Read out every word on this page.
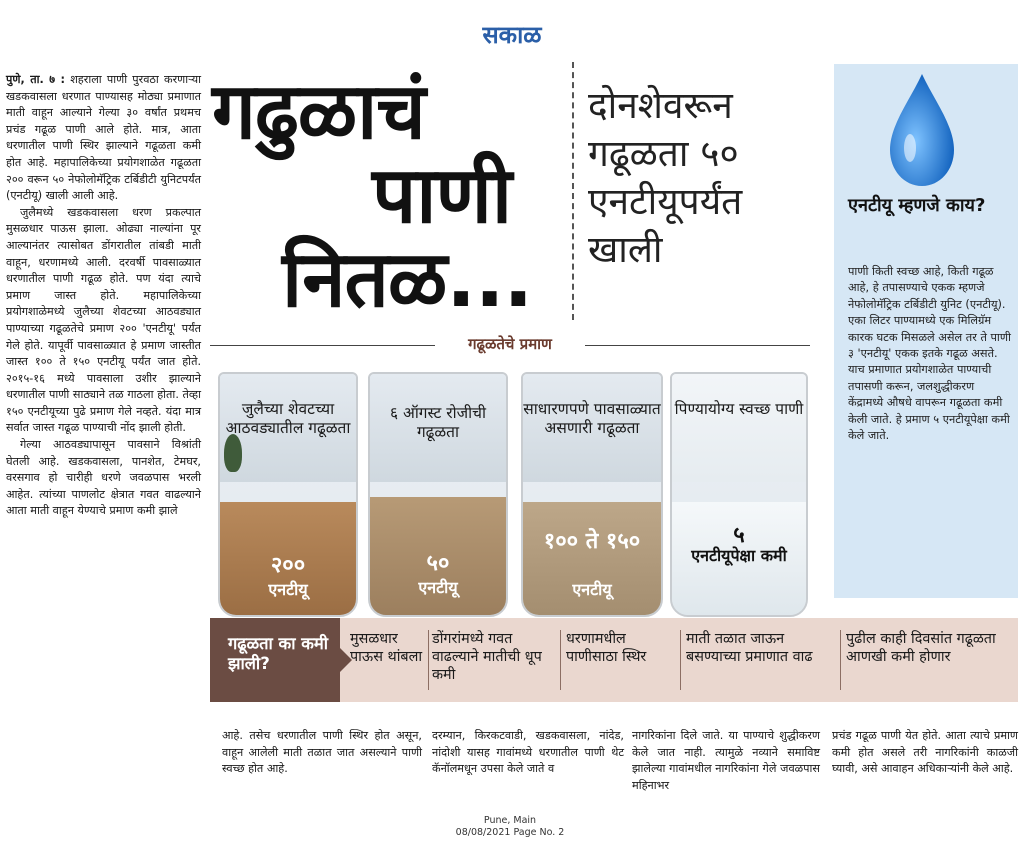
सकाळ

पुणे, ता. ७ : शहराला पाणी पुरवठा करणाऱ्या खडकवासला धरणात पाण्यासह मोठ्या प्रमाणात माती वाहून आल्याने गेल्या ३० वर्षांत प्रथमच प्रचंड गढूळ पाणी आले होते. मात्र, आता धरणातील पाणी स्थिर झाल्याने गढूळता कमी होत आहे. महापालिकेच्या प्रयोगशाळेत गढूळता २०० वरून ५० नेफोलोमॅट्रिक टर्बिडीटी युनिटपर्यंत (एनटीयू) खाली आली आहे.

जुलैमध्ये खडकवासला धरण प्रकल्पात मुसळधार पाऊस झाला. ओढ्या नाल्यांना पूर आल्यानंतर त्यासोबत डोंगरातील तांबडी माती वाहून, धरणामध्ये आली. दरवर्षी पावसाळ्यात धरणातील पाणी गढूळ होते. पण यंदा त्याचे प्रमाण जास्त होते. महापालिकेच्या प्रयोगशाळेमध्ये जुलैच्या शेवटच्या आठवड्यात पाण्याच्या गढूळतेचे प्रमाण २०० 'एनटीयू' पर्यंत गेले होते. यापूर्वी पावसाळ्यात हे प्रमाण जास्तीत जास्त १०० ते १५० एनटीयू पर्यंत जात होते. २०१५-१६ मध्ये पावसाला उशीर झाल्याने धरणातील पाणी साठ्याने तळ गाठला होता. तेव्हा १५० एनटीयूच्या पुढे प्रमाण गेले नव्हते. यंदा मात्र सर्वात जास्त गढूळ पाण्याची नोंद झाली होती.

गेल्या आठवड्यापासून पावसाने विश्रांती घेतली आहे. खडकवासला, पानशेत, टेमघर, वरसगाव हो चारीही धरणे जवळपास भरली आहेत. त्यांच्या पाणलोट क्षेत्रात गवत वाढल्याने आता माती वाहून येण्याचे प्रमाण कमी झाले

गढुळाचं
पाणी
नितळ...
दोनशेवरून गढूळता ५० एनटीयूपर्यंत खाली
एनटीयू म्हणजे काय?
पाणी किती स्वच्छ आहे, किती गढूळ आहे, हे तपासण्याचे एकक म्हणजे नेफोलोमॅट्रिक टर्बिडीटी युनिट (एनटीयू). एका लिटर पाण्यामध्ये एक मिलिग्रॅम कारक घटक मिसळले असेल तर ते पाणी ३ 'एनटीयू' एकक इतके गढूळ असते. याच प्रमाणात प्रयोगशाळेत पाण्याची तपासणी करून, जलशुद्धीकरण केंद्रामध्ये औषधे वापरून गढूळता कमी केली जाते. हे प्रमाण ५ एनटीयूपेक्षा कमी केले जाते.
गढूळतेचे प्रमाण
जुलैच्या शेवटच्या आठवड्यातील गढूळता
२००
एनटीयू
६ ऑगस्ट रोजीची गढूळता
५०
एनटीयू
साधारणपणे पावसाळ्यात असणारी गढूळता
१०० ते १५०
एनटीयू
पिण्यायोग्य स्वच्छ पाणी
५
एनटीयूपेक्षा कमी
गढूळता का कमी झाली?
मुसळधार पाऊस थांबला
डोंगरांमध्ये गवत वाढल्याने मातीची धूप कमी
धरणामधील पाणीसाठा स्थिर
माती तळात जाऊन बसण्याच्या प्रमाणात वाढ
पुढील काही दिवसांत गढूळता आणखी कमी होणार
आहे. तसेच धरणातील पाणी स्थिर होत असून, वाहून आलेली माती तळात जात असल्याने पाणी स्वच्छ होत आहे.
दरम्यान, किरकटवाडी, खडकवासला, नांदेड, नांदोशी यासह गावांमध्ये धरणातील पाणी थेट कॅनॉलमधून उपसा केले जाते व
नागरिकांना दिले जाते. या पाण्याचे शुद्धीकरण केले जात नाही. त्यामुळे नव्याने समाविष्ट झालेल्या गावांमधील नागरिकांना गेले जवळपास महिनाभर
प्रचंड गढूळ पाणी येत होते. आता त्याचे प्रमाण कमी होत असले तरी नागरिकांनी काळजी घ्यावी, असे आवाहन अधिकाऱ्यांनी केले आहे.
Pune, Main
08/08/2021 Page No. 2
